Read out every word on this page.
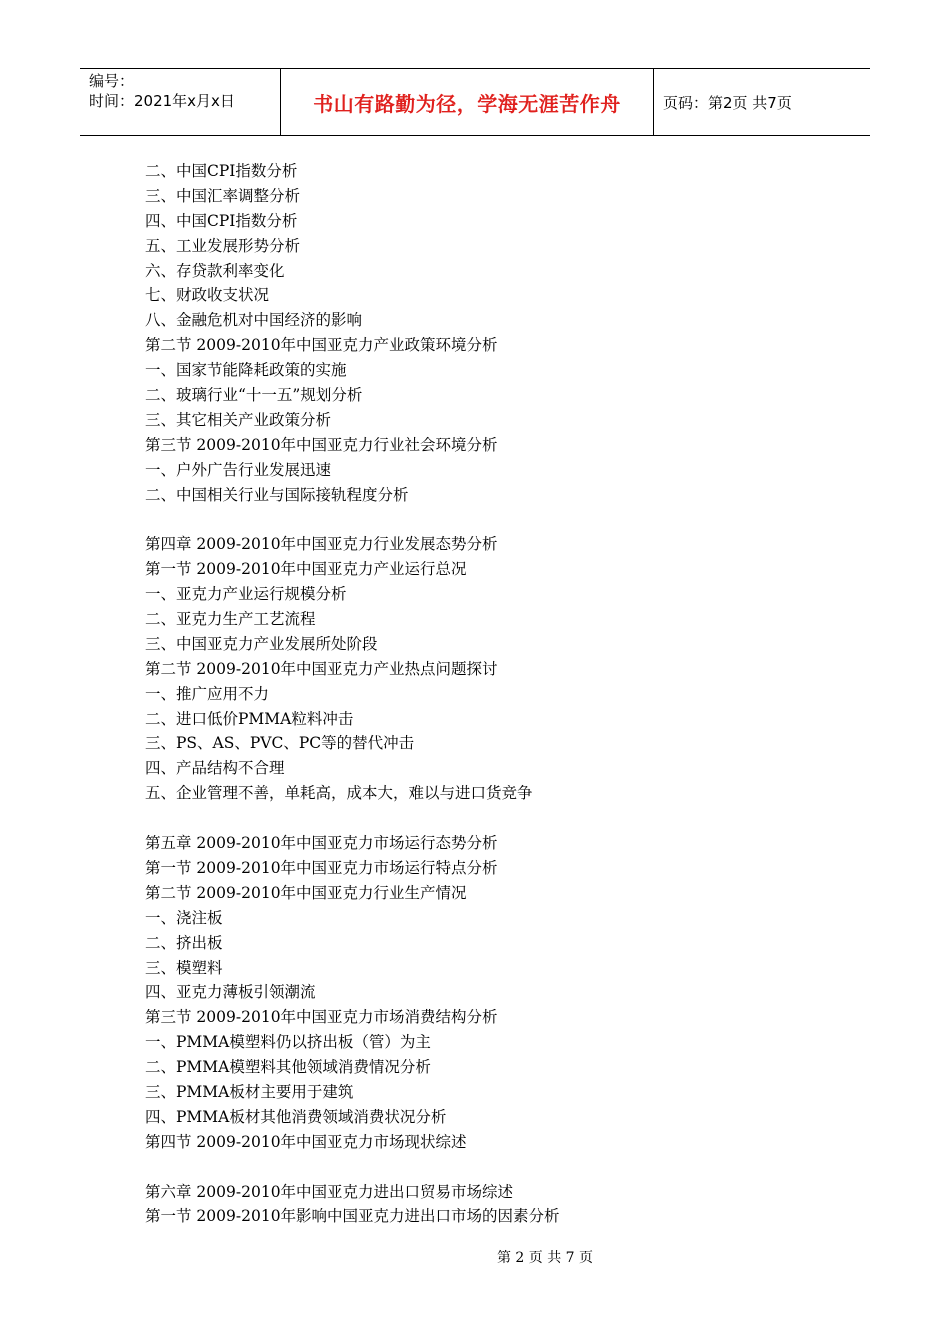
编号：
时间：2021年x月x日	书山有路勤为径，学海无涯苦作舟	页码：第2页 共7页
二、中国CPI指数分析
三、中国汇率调整分析
四、中国CPI指数分析
五、工业发展形势分析
六、存贷款利率变化
七、财政收支状况
八、金融危机对中国经济的影响
第二节 2009-2010年中国亚克力产业政策环境分析
一、国家节能降耗政策的实施
二、玻璃行业“十一五”规划分析
三、其它相关产业政策分析
第三节 2009-2010年中国亚克力行业社会环境分析
一、户外广告行业发展迅速
二、中国相关行业与国际接轨程度分析
第四章 2009-2010年中国亚克力行业发展态势分析
第一节 2009-2010年中国亚克力产业运行总况
一、亚克力产业运行规模分析
二、亚克力生产工艺流程
三、中国亚克力产业发展所处阶段
第二节 2009-2010年中国亚克力产业热点问题探讨
一、推广应用不力
二、进口低价PMMA粒料冲击
三、PS、AS、PVC、PC等的替代冲击
四、产品结构不合理
五、企业管理不善，单耗高，成本大，难以与进口货竞争
第五章 2009-2010年中国亚克力市场运行态势分析
第一节 2009-2010年中国亚克力市场运行特点分析
第二节 2009-2010年中国亚克力行业生产情况
一、浇注板
二、挤出板
三、模塑料
四、亚克力薄板引领潮流
第三节 2009-2010年中国亚克力市场消费结构分析
一、PMMA模塑料仍以挤出板（管）为主
二、PMMA模塑料其他领域消费情况分析
三、PMMA板材主要用于建筑
四、PMMA板材其他消费领域消费状况分析
第四节 2009-2010年中国亚克力市场现状综述
第六章 2009-2010年中国亚克力进出口贸易市场综述
第一节 2009-2010年影响中国亚克力进出口市场的因素分析
第 2 页 共 7 页
